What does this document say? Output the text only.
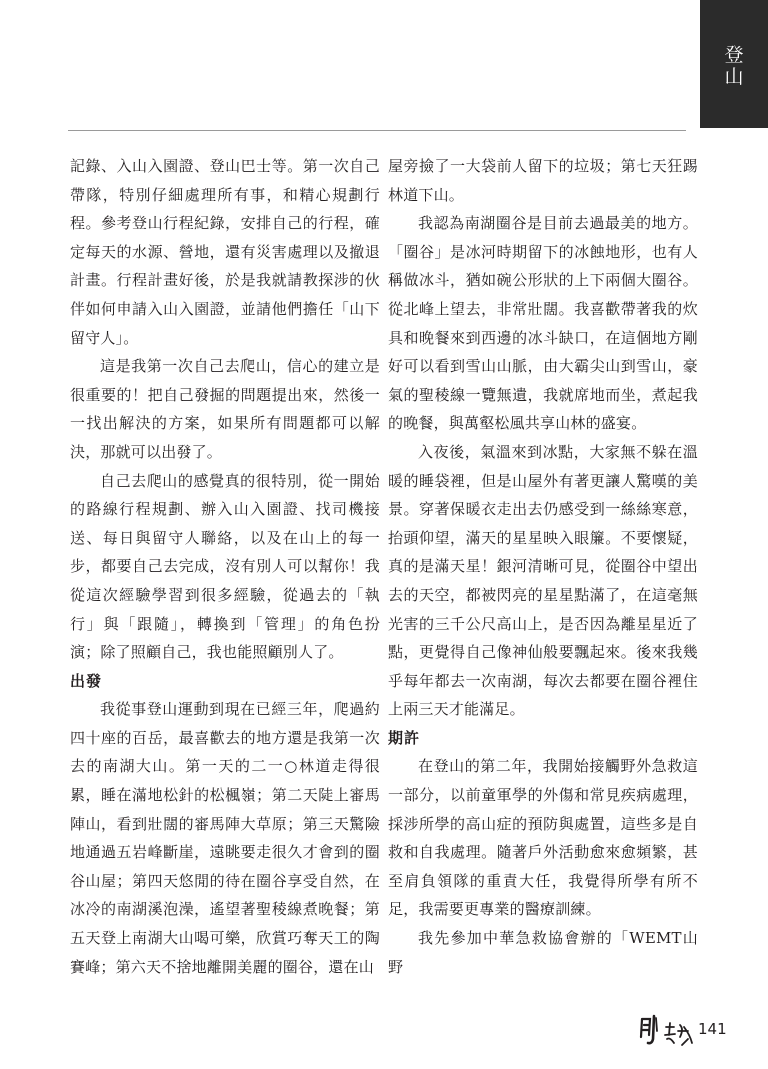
登山

記錄、入山入園證、登山巴士等。第一次自己帶隊，特別仔細處理所有事，和精心規劃行程。參考登山行程紀錄，安排自己的行程，確定每天的水源、營地，還有災害處理以及撤退計畫。行程計畫好後，於是我就請教探涉的伙伴如何申請入山入園證，並請他們擔任「山下留守人」。

這是我第一次自己去爬山，信心的建立是很重要的！把自己發掘的問題提出來，然後一一找出解決的方案，如果所有問題都可以解決，那就可以出發了。

自己去爬山的感覺真的很特別，從一開始的路線行程規劃、辦入山入園證、找司機接送、每日與留守人聯絡，以及在山上的每一步，都要自己去完成，沒有別人可以幫你！我從這次經驗學習到很多經驗，從過去的「執行」與「跟隨」，轉換到「管理」的角色扮演；除了照顧自己，我也能照顧別人了。

出發

我從事登山運動到現在已經三年，爬過約四十座的百岳，最喜歡去的地方還是我第一次去的南湖大山。第一天的二一○林道走得很累，睡在滿地松針的松楓嶺；第二天陡上審馬陣山，看到壯闊的審馬陣大草原；第三天驚險地通過五岩峰斷崖，遠眺要走很久才會到的圈谷山屋；第四天悠閒的待在圈谷享受自然，在冰冷的南湖溪泡澡，遙望著聖稜線煮晚餐；第五天登上南湖大山喝可樂，欣賞巧奪天工的陶賽峰；第六天不捨地離開美麗的圈谷，還在山

屋旁撿了一大袋前人留下的垃圾；第七天狂踢林道下山。

我認為南湖圈谷是目前去過最美的地方。「圈谷」是冰河時期留下的冰蝕地形，也有人稱做冰斗，猶如碗公形狀的上下兩個大圈谷。從北峰上望去，非常壯闊。我喜歡帶著我的炊具和晚餐來到西邊的冰斗缺口，在這個地方剛好可以看到雪山山脈，由大霸尖山到雪山，豪氣的聖稜線一覽無遺，我就席地而坐，煮起我的晚餐，與萬壑松風共享山林的盛宴。

入夜後，氣溫來到冰點，大家無不躲在溫暖的睡袋裡，但是山屋外有著更讓人驚嘆的美景。穿著保暖衣走出去仍感受到一絲絲寒意，抬頭仰望，滿天的星星映入眼簾。不要懷疑，真的是滿天星！銀河清晰可見，從圈谷中望出去的天空，都被閃亮的星星點滿了，在這毫無光害的三千公尺高山上，是否因為離星星近了點，更覺得自己像神仙般要飄起來。後來我幾乎每年都去一次南湖，每次去都要在圈谷裡住上兩三天才能滿足。

期許

在登山的第二年，我開始接觸野外急救這一部分，以前童軍學的外傷和常見疾病處理，採涉所學的高山症的預防與處置，這些多是自救和自我處理。隨著戶外活動愈來愈頻繁，甚至肩負領隊的重責大任，我覺得所學有所不足，我需要更專業的醫療訓練。

我先參加中華急救協會辦的「WEMT山野

141
